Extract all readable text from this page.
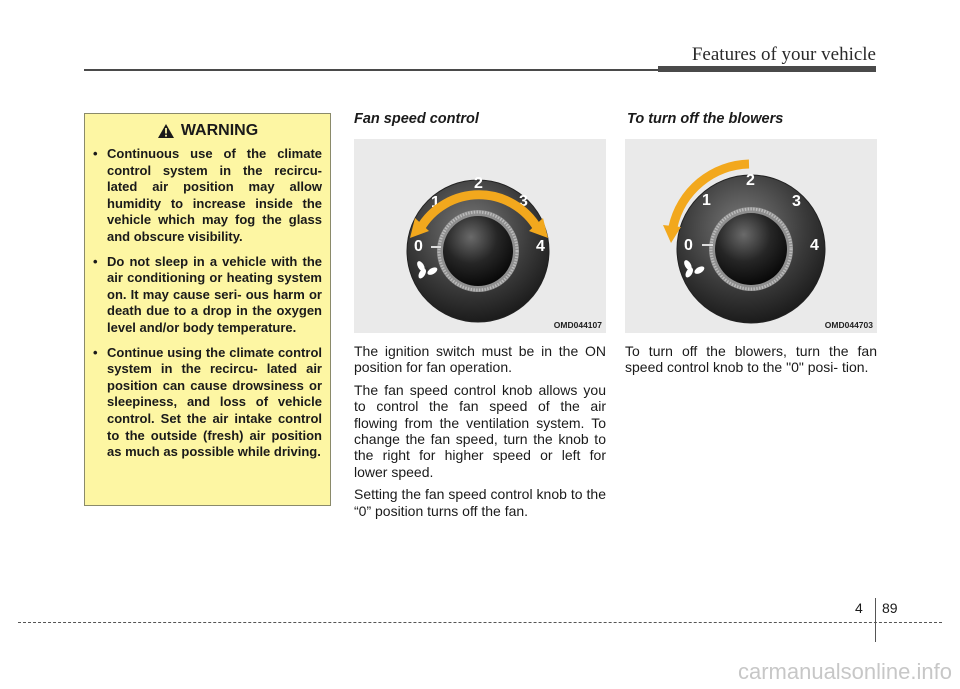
Features of your vehicle
WARNING
• Continuous use of the climate control system in the recircu- lated air position may allow humidity to increase inside the vehicle which may fog the glass and obscure visibility.
• Do not sleep in a vehicle with the air conditioning or heating system on. It may cause seri- ous harm or death due to a drop in the oxygen level and/or body temperature.
• Continue using the climate control system in the recircu- lated air position can cause drowsiness or sleepiness, and loss of vehicle control. Set the air intake control to the outside (fresh) air position as much as possible while driving.
Fan speed control
0
1
2
3
4
OMD044107

The ignition switch must be in the ON position for fan operation.

The fan speed control knob allows you to control the fan speed of the air flowing from the ventilation system. To change the fan speed, turn the knob to the right for higher speed or left for lower speed.

Setting the fan speed control knob to the “0” position turns off the fan.

To turn off the blowers
0
1
2
3
4
OMD044703

To turn off the blowers, turn the fan speed control knob to the "0" posi- tion.

4 89
carmanualsonline.info
